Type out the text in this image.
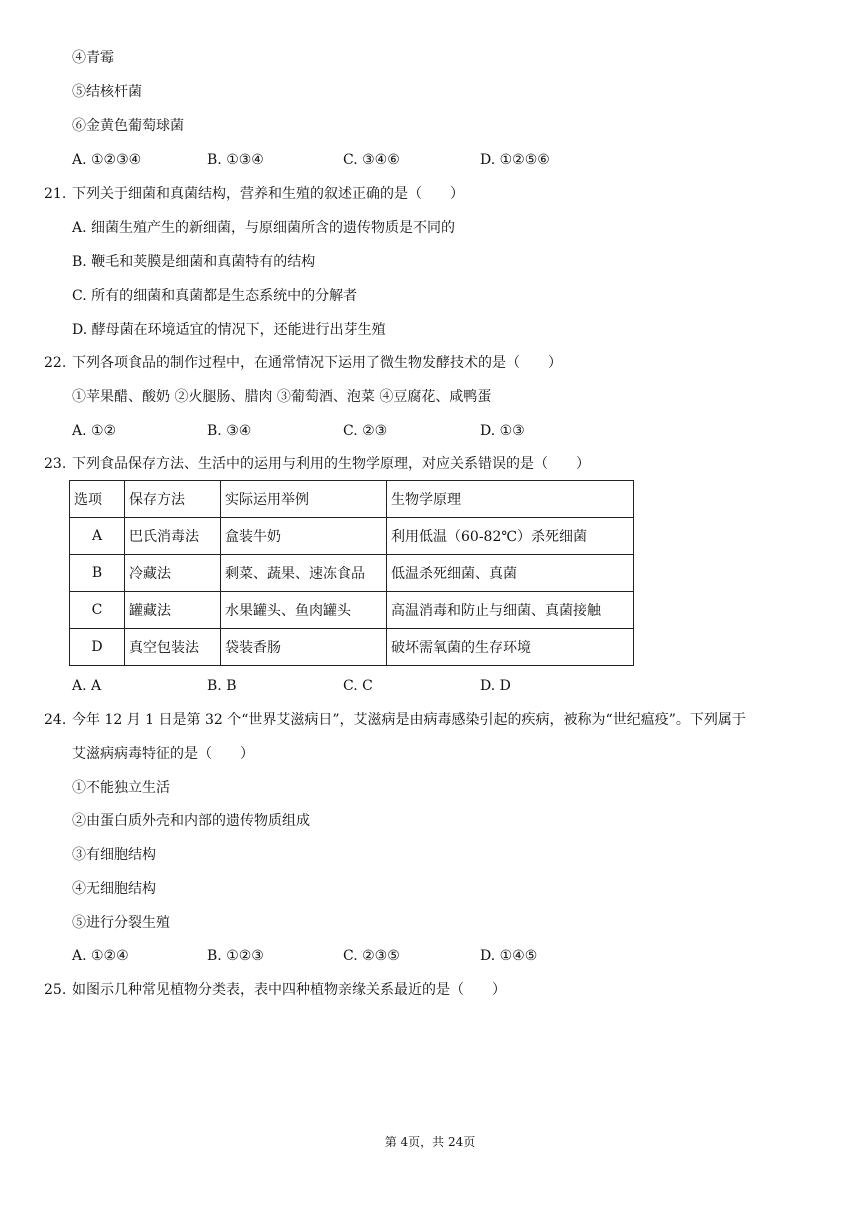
④青霉
⑤结核杆菌
⑥金黄色葡萄球菌
A. ①②③④	B. ①③④	C. ③④⑥	D. ①②⑤⑥
21. 下列关于细菌和真菌结构，营养和生殖的叙述正确的是（　　）
A. 细菌生殖产生的新细菌，与原细菌所含的遗传物质是不同的
B. 鞭毛和荚膜是细菌和真菌特有的结构
C. 所有的细菌和真菌都是生态系统中的分解者
D. 酵母菌在环境适宜的情况下，还能进行出芽生殖
22. 下列各项食品的制作过程中，在通常情况下运用了微生物发酵技术的是（　　）
①苹果醋、酸奶 ②火腿肠、腊肉 ③葡萄酒、泡菜 ④豆腐花、咸鸭蛋
A. ①②	B. ③④	C. ②③	D. ①③
23. 下列食品保存方法、生活中的运用与利用的生物学原理，对应关系错误的是（　　）
选项	保存方法	实际运用举例	生物学原理
A	巴氏消毒法	盒装牛奶	利用低温（60-82℃）杀死细菌
B	冷藏法	剩菜、蔬果、速冻食品	低温杀死细菌、真菌
C	罐藏法	水果罐头、鱼肉罐头	高温消毒和防止与细菌、真菌接触
D	真空包装法	袋装香肠	破坏需氧菌的生存环境
A. A	B. B	C. C	D. D
24. 今年 12 月 1 日是第 32 个“世界艾滋病日”，艾滋病是由病毒感染引起的疾病，被称为“世纪瘟疫”。下列属于
艾滋病病毒特征的是（　　）
①不能独立生活
②由蛋白质外壳和内部的遗传物质组成
③有细胞结构
④无细胞结构
⑤进行分裂生殖
A. ①②④	B. ①②③	C. ②③⑤	D. ①④⑤
25. 如图示几种常见植物分类表，表中四种植物亲缘关系最近的是（　　）
第 4页，共 24页
